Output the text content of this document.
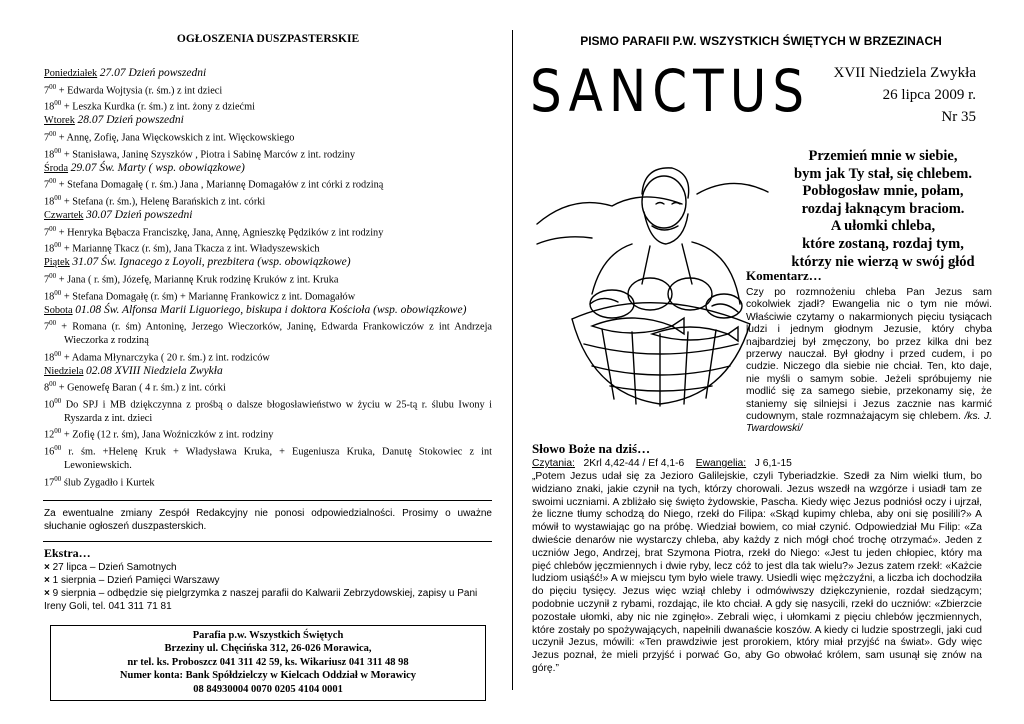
OGŁOSZENIA DUSZPASTERSKIE
Poniedziałek 27.07 Dzień powszedni
$7^{00}$ + Edwarda Wojtysia (r. śm.) z int dzieci
$18^{00}$ + Leszka Kurdka (r. śm.) z int. żony z dziećmi
Wtorek 28.07 Dzień powszedni
$7^{00}$ + Annę, Zofię, Jana Więckowskich z int. Więckowskiego
$18^{00}$ + Stanisława, Janinę Szyszków , Piotra i Sabinę Marców z int. rodziny
Środa 29.07 Św. Marty ( wsp. obowiązkowe)
$7^{00}$ + Stefana Domagałę ( r. śm.) Jana , Mariannę Domagałów z int córki z rodziną
$18^{00}$ + Stefana (r. śm.), Helenę Barańskich z int. córki
Czwartek 30.07 Dzień powszedni
$7^{00}$ + Henryka Bębacza Franciszkę, Jana, Annę, Agnieszkę Pędzików z int rodziny
$18^{00}$ + Mariannę Tkacz (r. śm), Jana Tkacza z int. Władyszewskich
Piątek 31.07 Św. Ignacego z Loyoli, prezbitera (wsp. obowiązkowe)
$7^{00}$ + Jana ( r. śm), Józefę, Mariannę Kruk rodzinę Kruków z int. Kruka
$18^{00}$ + Stefana Domagałę (r. śm) + Mariannę Frankowicz z int. Domagałów
Sobota 01.08 Św. Alfonsa Marii Liguoriego, biskupa i doktora Kościoła (wsp. obowiązkowe)
$7^{00}$ + Romana (r. śm) Antoninę, Jerzego Wieczorków, Janinę, Edwarda Frankowiczów z int Andrzeja Wieczorka z rodziną
$18^{00}$ + Adama Młynarczyka ( 20 r. śm.) z int. rodziców
Niedziela 02.08 XVIII Niedziela Zwykła
$8^{00}$ + Genowefę Baran ( 4 r. śm.) z int. córki
$10^{00}$ Do SPJ i MB dziękczynna z prośbą o dalsze błogosławieństwo w życiu w 25-tą r. ślubu Iwony i Ryszarda z int. dzieci
$12^{00}$ + Zofię (12 r. śm), Jana Woźniczków z int. rodziny
$16^{00}$ r. śm. +Helenę Kruk + Władysława Kruka, + Eugeniusza Kruka, Danutę Stokowiec z int Lewoniewskich.
$17^{00}$ ślub Zygadło i Kurtek
Za ewentualne zmiany Zespół Redakcyjny nie ponosi odpowiedzialności. Prosimy o uważne słuchanie ogłoszeń duszpasterskich.
Ekstra…
× 27 lipca – Dzień Samotnych
× 1 sierpnia – Dzień Pamięci Warszawy
× 9 sierpnia – odbędzie się pielgrzymka z naszej parafii do Kalwarii Zebrzydowskiej, zapisy u Pani Ireny Goli, tel. 041 311 71 81
Parafia p.w. Wszystkich Świętych
Brzeziny ul. Chęcińska 312, 26-026 Morawica,
nr tel. ks. Proboszcz 041 311 42 59, ks. Wikariusz 041 311 48 98
Numer konta: Bank Spółdzielczy w Kielcach Oddział w Morawicy
08 84930004 0070 0205 4104 0001
PISMO PARAFII P.W. WSZYSTKICH ŚWIĘTYCH W BRZEZINACH
SANCTUS XVII Niedziela Zwykła
26 lipca 2009 r.
Nr 35
Przemień mnie w siebie,
bym jak Ty stał, się chlebem.
Pobłogosław mnie, połam,
rozdaj łaknącym braciom.
A ułomki chleba,
które zostaną, rozdaj tym,
którzy nie wierzą w swój głód
Komentarz…
Czy po rozmnożeniu chleba Pan Jezus sam cokolwiek zjadł? Ewangelia nic o tym nie mówi. Właściwie czytamy o nakarmionych pięciu tysiącach ludzi i jednym głodnym Jezusie, który chyba najbardziej był zmęczony, bo przez kilka dni bez przerwy nauczał. Był głodny i przed cudem, i po cudzie. Niczego dla siebie nie chciał. Ten, kto daje, nie myśli o samym sobie. Jeżeli spróbujemy nie modlić się za samego siebie, przekonamy się, że staniemy się silniejsi i Jezus zacznie nas karmić cudownym, stale rozmnażającym się chlebem. /ks. J. Twardowski/
Słowo Boże na dziś…
Czytania: 2Krl 4,42-44 / Ef 4,1-6 Ewangelia: J 6,1-15
„Potem Jezus udał się za Jezioro Galilejskie, czyli Tyberiadzkie. Szedł za Nim wielki tłum, bo widziano znaki, jakie czynił na tych, którzy chorowali. Jezus wszedł na wzgórze i usiadł tam ze swoimi uczniami. A zbliżało się święto żydowskie, Pascha. Kiedy więc Jezus podniósł oczy i ujrzał, że liczne tłumy schodzą do Niego, rzekł do Filipa: «Skąd kupimy chleba, aby oni się posilili?» A mówił to wystawiając go na próbę. Wiedział bowiem, co miał czynić. Odpowiedział Mu Filip: «Za dwieście denarów nie wystarczy chleba, aby każdy z nich mógł choć trochę otrzymać». Jeden z uczniów Jego, Andrzej, brat Szymona Piotra, rzekł do Niego: «Jest tu jeden chłopiec, który ma pięć chlebów jęczmiennych i dwie ryby, lecz cóż to jest dla tak wielu?» Jezus zatem rzekł: «Każcie ludziom usiąść!» A w miejscu tym było wiele trawy. Usiedli więc mężczyźni, a liczba ich dochodziła do pięciu tysięcy. Jezus więc wziął chleby i odmówiwszy dziękczynienie, rozdał siedzącym; podobnie uczynił z rybami, rozdając, ile kto chciał. A gdy się nasycili, rzekł do uczniów: «Zbierzcie pozostałe ułomki, aby nic nie zginęło». Zebrali więc, i ułomkami z pięciu chlebów jęczmiennych, które zostały po spożywających, napełnili dwanaście koszów. A kiedy ci ludzie spostrzegli, jaki cud uczynił Jezus, mówili: «Ten prawdziwie jest prorokiem, który miał przyjść na świat». Gdy więc Jezus poznał, że mieli przyjść i porwać Go, aby Go obwołać królem, sam usunął się znów na górę.”
